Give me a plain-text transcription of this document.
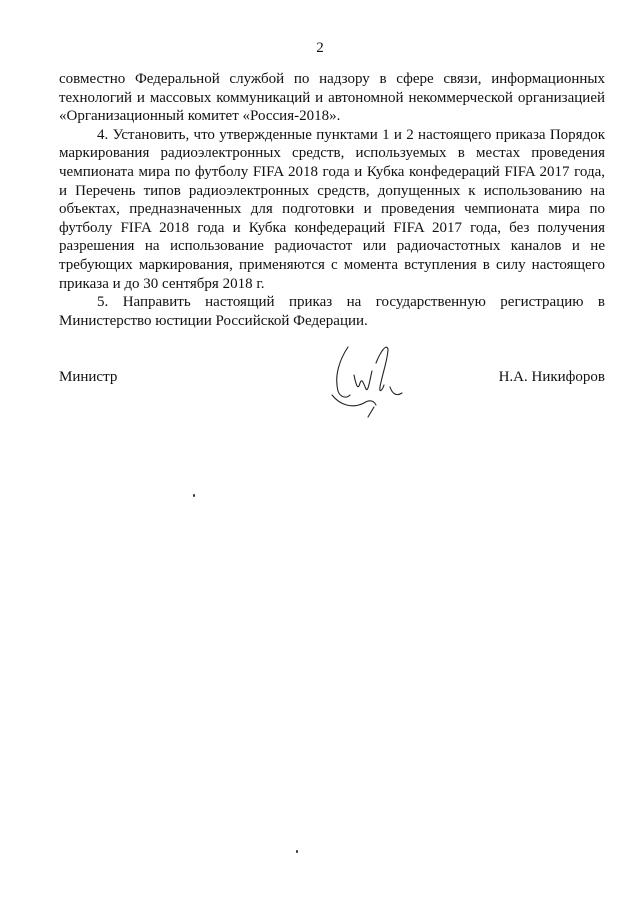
2

совместно Федеральной службой по надзору в сфере связи, информационных технологий и массовых коммуникаций и автономной некоммерческой организацией «Организационный комитет «Россия-2018».

4. Установить, что утвержденные пунктами 1 и 2 настоящего приказа Порядок маркирования радиоэлектронных средств, используемых в местах проведения чемпионата мира по футболу FIFA 2018 года и Кубка конфедераций FIFA 2017 года, и Перечень типов радиоэлектронных средств, допущенных к использованию на объектах, предназначенных для подготовки и проведения чемпионата мира по футболу FIFA 2018 года и Кубка конфедераций FIFA 2017 года, без получения разрешения на использование радиочастот или радиочастотных каналов и не требующих маркирования, применяются с момента вступления в силу настоящего приказа и до 30 сентября 2018 г.

5. Направить настоящий приказ на государственную регистрацию в Министерство юстиции Российской Федерации.

Министр	Н.А. Никифоров
